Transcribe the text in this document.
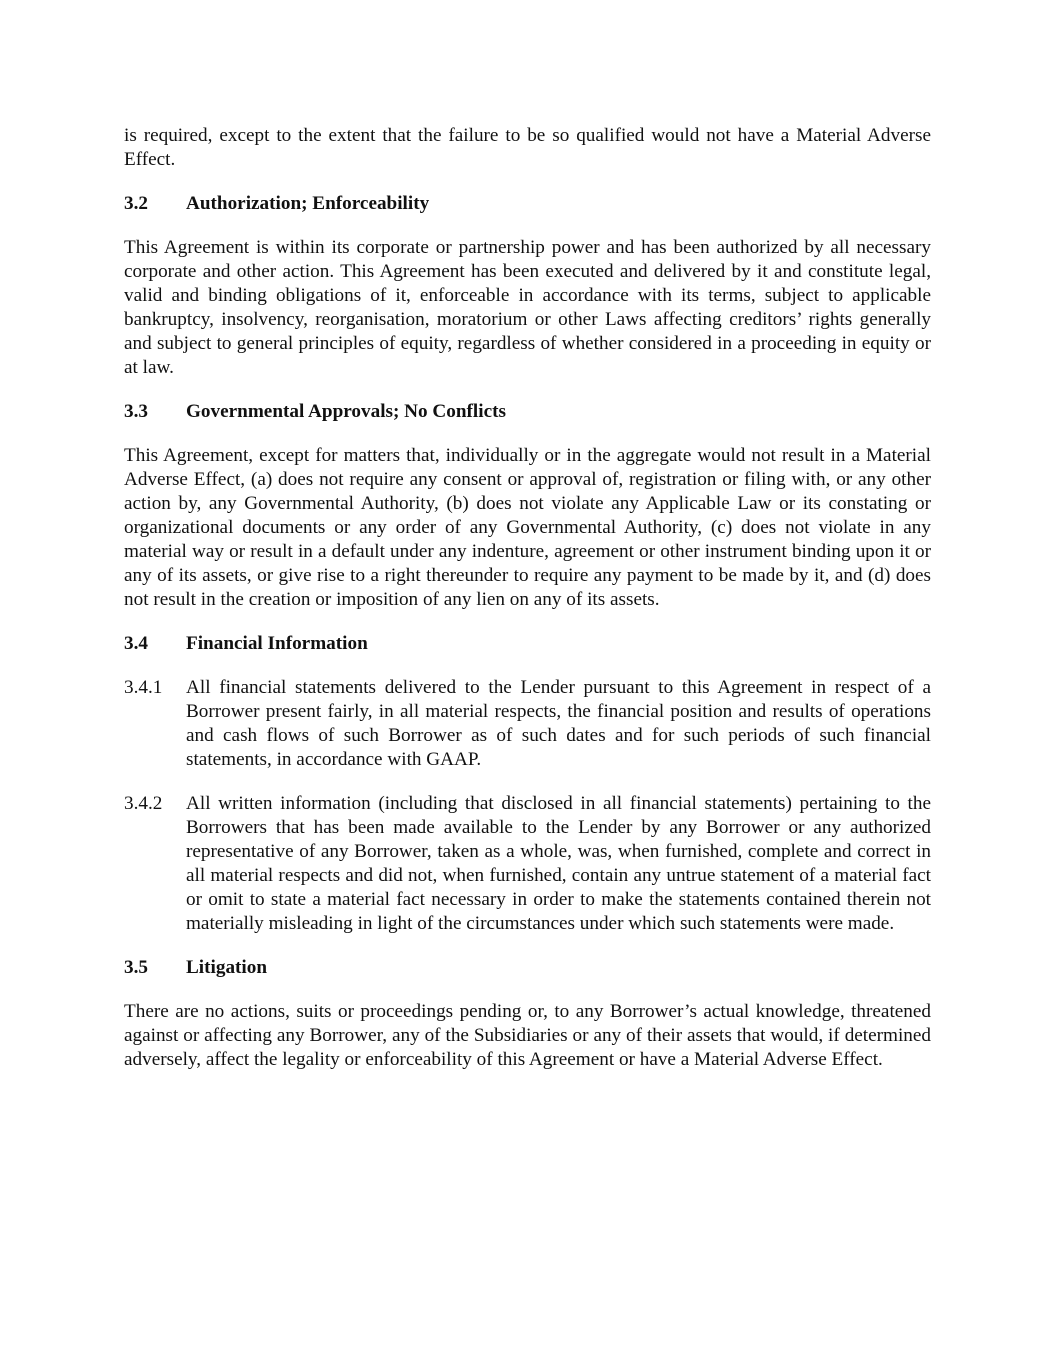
is required, except to the extent that the failure to be so qualified would not have a Material Adverse Effect.

3.2	Authorization; Enforceability

This Agreement is within its corporate or partnership power and has been authorized by all necessary corporate and other action. This Agreement has been executed and delivered by it and constitute legal, valid and binding obligations of it, enforceable in accordance with its terms, subject to applicable bankruptcy, insolvency, reorganisation, moratorium or other Laws affecting creditors’ rights generally and subject to general principles of equity, regardless of whether considered in a proceeding in equity or at law.

3.3	Governmental Approvals; No Conflicts

This Agreement, except for matters that, individually or in the aggregate would not result in a Material Adverse Effect, (a) does not require any consent or approval of, registration or filing with, or any other action by, any Governmental Authority, (b) does not violate any Applicable Law or its constating or organizational documents or any order of any Governmental Authority, (c) does not violate in any material way or result in a default under any indenture, agreement or other instrument binding upon it or any of its assets, or give rise to a right thereunder to require any payment to be made by it, and (d) does not result in the creation or imposition of any lien on any of its assets.

3.4	Financial Information
3.4.1	All financial statements delivered to the Lender pursuant to this Agreement in respect of a Borrower present fairly, in all material respects, the financial position and results of operations and cash flows of such Borrower as of such dates and for such periods of such financial statements, in accordance with GAAP.
3.4.2	All written information (including that disclosed in all financial statements) pertaining to the Borrowers that has been made available to the Lender by any Borrower or any authorized representative of any Borrower, taken as a whole, was, when furnished, complete and correct in all material respects and did not, when furnished, contain any untrue statement of a material fact or omit to state a material fact necessary in order to make the statements contained therein not materially misleading in light of the circumstances under which such statements were made.
3.5	Litigation

There are no actions, suits or proceedings pending or, to any Borrower’s actual knowledge, threatened against or affecting any Borrower, any of the Subsidiaries or any of their assets that would, if determined adversely, affect the legality or enforceability of this Agreement or have a Material Adverse Effect.
